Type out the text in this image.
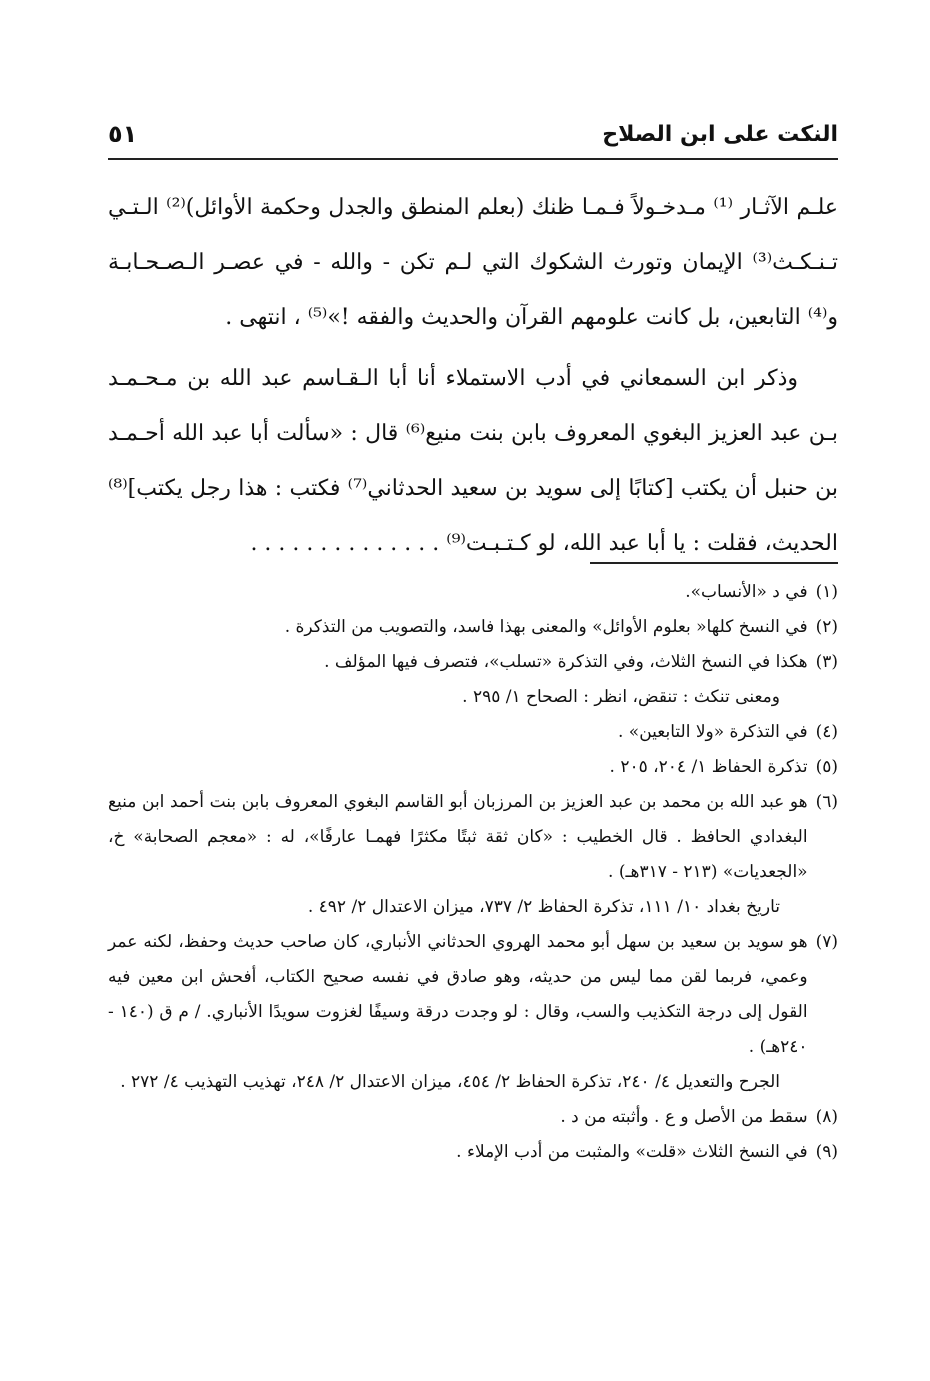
النكت على ابن الصلاح
٥١

علـم الآثـار ⁽¹⁾ مـدخـولاً فـمـا ظنك (بعلم المنطق والجدل وحكمة الأوائل)⁽²⁾ الـتـي تـنـكـث⁽³⁾ الإيمان وتورث الشكوك التي لـم تكن - والله - في عصـر الـصـحـابـة و⁽⁴⁾ التابعين، بل كانت علومهم القرآن والحديث والفقه !»⁽⁵⁾ ، انتهى .

وذكر ابن السمعاني في أدب الاستملاء أنا أبا الـقـاسم عبد الله بن مـحـمـد بـن عبد العزيز البغوي المعروف بابن بنت منيع⁽⁶⁾ قال : «سألت أبا عبد الله أحـمـد بن حنبل أن يكتب [كتابًا إلى سويد بن سعيد الحدثاني⁽⁷⁾ فكتب : هذا رجل يكتب]⁽⁸⁾ الحديث، فقلت : يا أبا عبد الله، لو كـتـبـت⁽⁹⁾ . . . . . . . . . . . . . .

(١)
في د «الأنساب».
(٢)
في النسخ كلها« بعلوم الأوائل» والمعنى بهذا فاسد، والتصويب من التذكرة .
(٣)
هكذا في النسخ الثلاث، وفي التذكرة «تسلب»، فتصرف فيها المؤلف .
ومعنى تنكث : تنقض، انظر : الصحاح ١/ ٢٩٥ .
(٤)
في التذكرة «ولا التابعين» .
(٥)
تذكرة الحفاظ ١/ ٢٠٤، ٢٠٥ .
(٦)
هو عبد الله بن محمد بن عبد العزيز بن المرزبان أبو القاسم البغوي المعروف بابن بنت أحمد ابن منيع البغدادي الحافظ . قال الخطيب : «كان ثقة ثبتًا مكثرًا فهمـا عارفًا»، له : «معجم الصحابة» خ، «الجعديات» (٢١٣ - ٣١٧هـ) .
تاريخ بغداد ١٠/ ١١١، تذكرة الحفاظ ٢/ ٧٣٧، ميزان الاعتدال ٢/ ٤٩٢ .
(٧)
هو سويد بن سعيد بن سهل أبو محمد الهروي الحدثاني الأنباري، كان صاحب حديث وحفظ، لكنه عمر وعمي، فربما لقن مما ليس من حديثه، وهو صادق في نفسه صحيح الكتاب، أفحش ابن معين فيه القول إلى درجة التكذيب والسب، وقال : لو وجدت درقة وسيفًا لغزوت سويدًا الأنباري. / م ق (١٤٠ - ٢٤٠هـ) .
الجرح والتعديل ٤/ ٢٤٠، تذكرة الحفاظ ٢/ ٤٥٤، ميزان الاعتدال ٢/ ٢٤٨، تهذيب التهذيب ٤/ ٢٧٢ .
(٨)
سقط من الأصل و ع . وأثبته من د .
(٩)
في النسخ الثلاث «قلت» والمثبت من أدب الإملاء .
